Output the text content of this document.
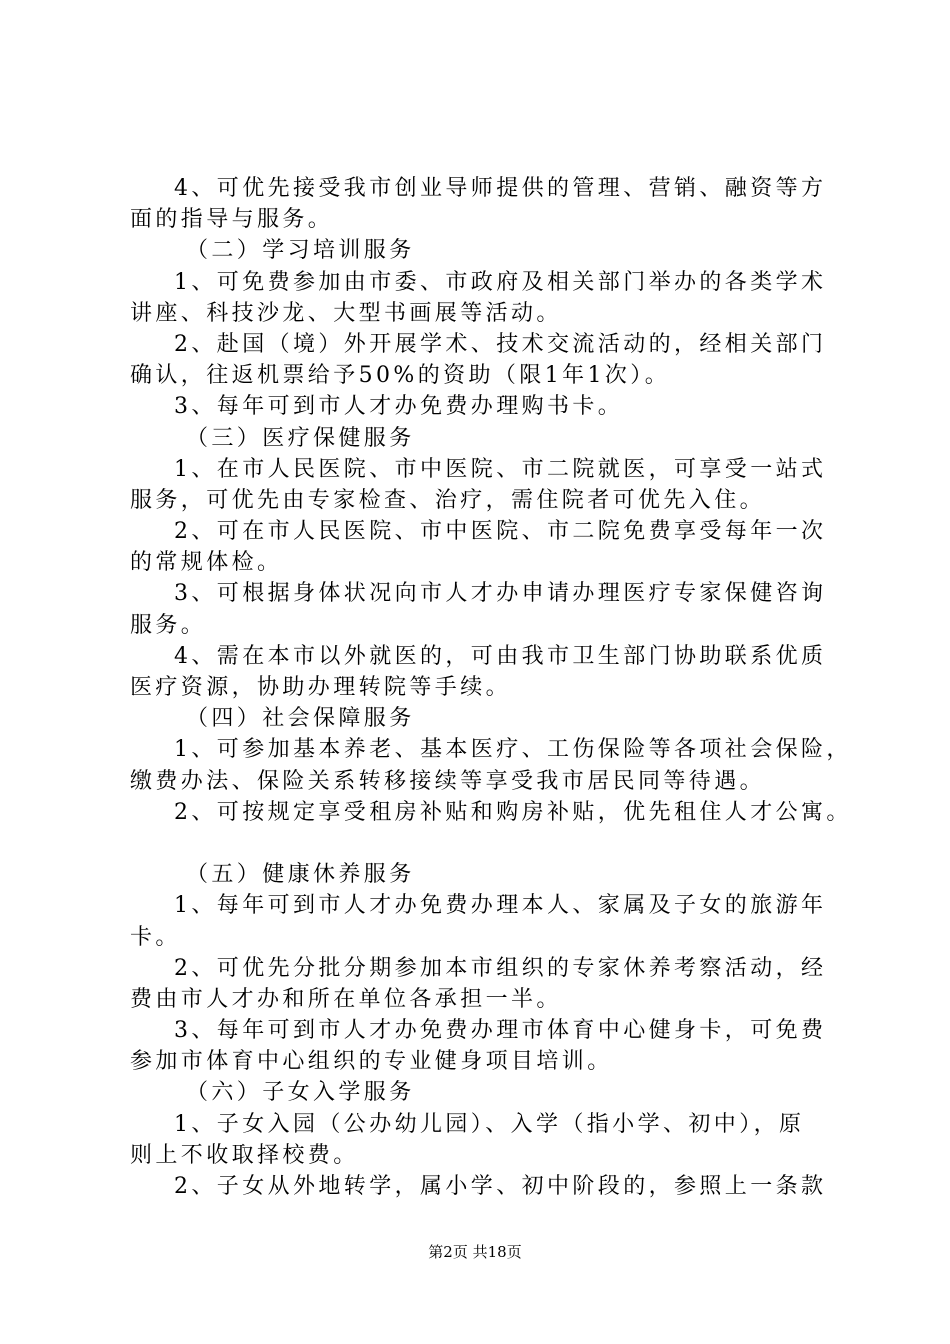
4、可优先接受我市创业导师提供的管理、营销、融资等方
面的指导与服务。
（二）学习培训服务
1、可免费参加由市委、市政府及相关部门举办的各类学术
讲座、科技沙龙、大型书画展等活动。
2、赴国（境）外开展学术、技术交流活动的，经相关部门
确认，往返机票给予50%的资助（限1年1次）。
3、每年可到市人才办免费办理购书卡。
（三）医疗保健服务
1、在市人民医院、市中医院、市二院就医，可享受一站式
服务，可优先由专家检查、治疗，需住院者可优先入住。
2、可在市人民医院、市中医院、市二院免费享受每年一次
的常规体检。
3、可根据身体状况向市人才办申请办理医疗专家保健咨询
服务。
4、需在本市以外就医的，可由我市卫生部门协助联系优质
医疗资源，协助办理转院等手续。
（四）社会保障服务
1、可参加基本养老、基本医疗、工伤保险等各项社会保险，
缴费办法、保险关系转移接续等享受我市居民同等待遇。
2、可按规定享受租房补贴和购房补贴，优先租住人才公寓。
（五）健康休养服务
1、每年可到市人才办免费办理本人、家属及子女的旅游年
卡。
2、可优先分批分期参加本市组织的专家休养考察活动，经
费由市人才办和所在单位各承担一半。
3、每年可到市人才办免费办理市体育中心健身卡，可免费
参加市体育中心组织的专业健身项目培训。
（六）子女入学服务
1、子女入园（公办幼儿园）、入学（指小学、初中），原
则上不收取择校费。
2、子女从外地转学，属小学、初中阶段的，参照上一条款
第2页 共18页
